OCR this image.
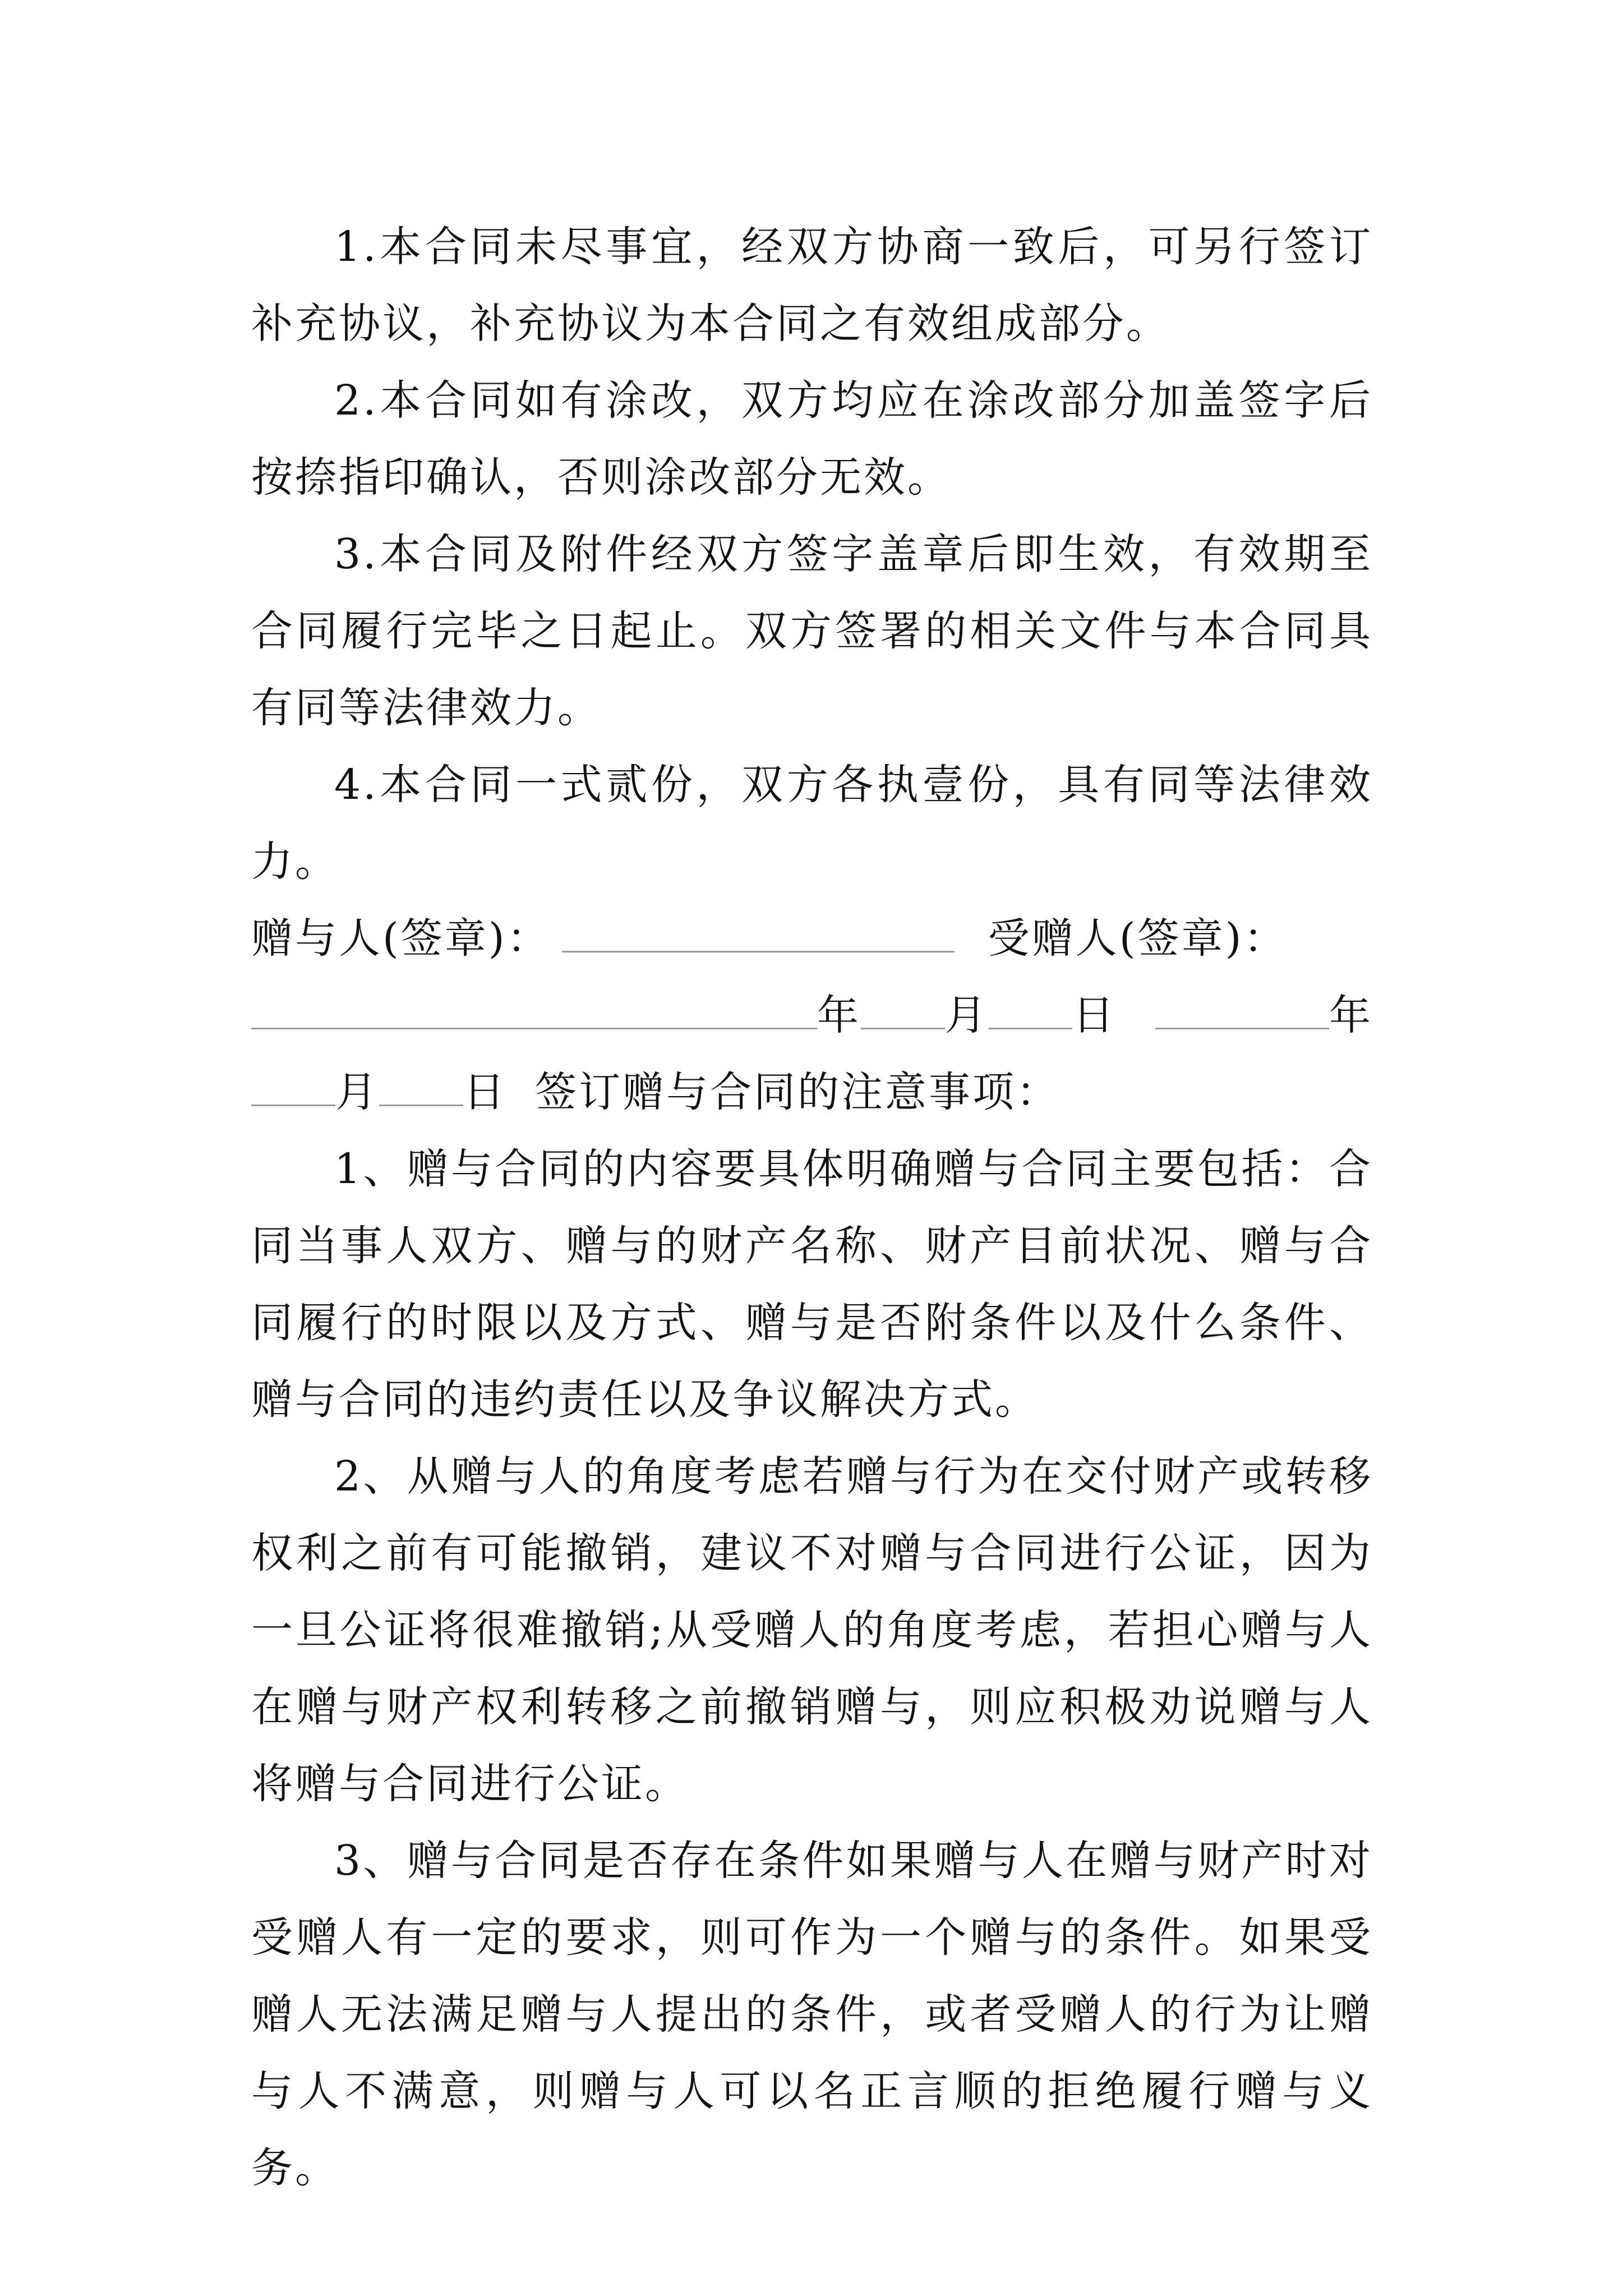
1.本合同未尽事宜，经双方协商一致后，可另行签订补充协议，补充协议为本合同之有效组成部分。

2.本合同如有涂改，双方均应在涂改部分加盖签字后按捺指印确认，否则涂改部分无效。

3.本合同及附件经双方签字盖章后即生效，有效期至合同履行完毕之日起止。双方签署的相关文件与本合同具有同等法律效力。

4.本合同一式贰份，双方各执壹份，具有同等法律效力。

赠与人(签章)：	受赠人(签章)：
年 月 日	年
月 日 签订赠与合同的注意事项：

1、赠与合同的内容要具体明确赠与合同主要包括：合同当事人双方、赠与的财产名称、财产目前状况、赠与合同履行的时限以及方式、赠与是否附条件以及什么条件、赠与合同的违约责任以及争议解决方式。

2、从赠与人的角度考虑若赠与行为在交付财产或转移权利之前有可能撤销，建议不对赠与合同进行公证，因为一旦公证将很难撤销;从受赠人的角度考虑，若担心赠与人在赠与财产权利转移之前撤销赠与，则应积极劝说赠与人将赠与合同进行公证。

3、赠与合同是否存在条件如果赠与人在赠与财产时对受赠人有一定的要求，则可作为一个赠与的条件。如果受赠人无法满足赠与人提出的条件，或者受赠人的行为让赠与人不满意，则赠与人可以名正言顺的拒绝履行赠与义务。
